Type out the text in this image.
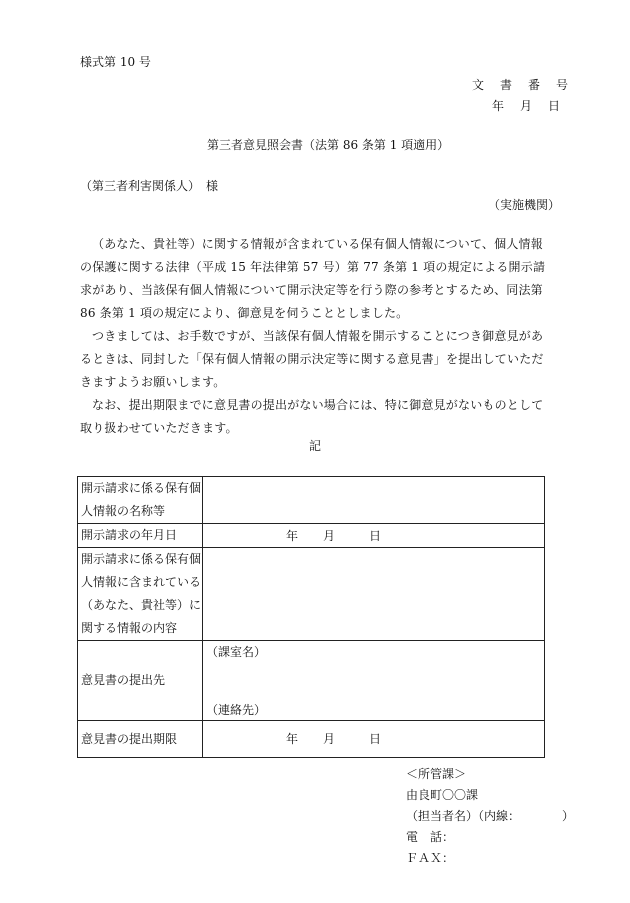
様式第 10 号
文　書　番　号
年　月　日
第三者意見照会書（法第 86 条第 1 項適用）
（第三者利害関係人）　様
（実施機関）

（あなた、貴社等）に関する情報が含まれている保有個人情報について、個人情報の保護に関する法律（平成 15 年法律第 57 号）第 77 条第 1 項の規定による開示請求があり、当該保有個人情報について開示決定等を行う際の参考とするため、同法第 86 条第 1 項の規定により、御意見を伺うこととしました。

つきましては、お手数ですが、当該保有個人情報を開示することにつき御意見があるときは、同封した「保有個人情報の開示決定等に関する意見書」を提出していただきますようお願いします。

なお、提出期限までに意見書の提出がない場合には、特に御意見がないものとして取り扱わせていただきます。

記
開示請求に係る保有個人情報の名称等	
開示請求の年月日	年 月 日

開示請求に係る保有個人情報に含まれている（あなた、貴社等）に関する情報の内容	
意見書の提出先	（課室名）
（連絡先）

意見書の提出期限	年 月 日
＜所管課＞
由良町〇〇課
（担当者名）（内線：　　　　）
電　話：
ＦＡＸ：
